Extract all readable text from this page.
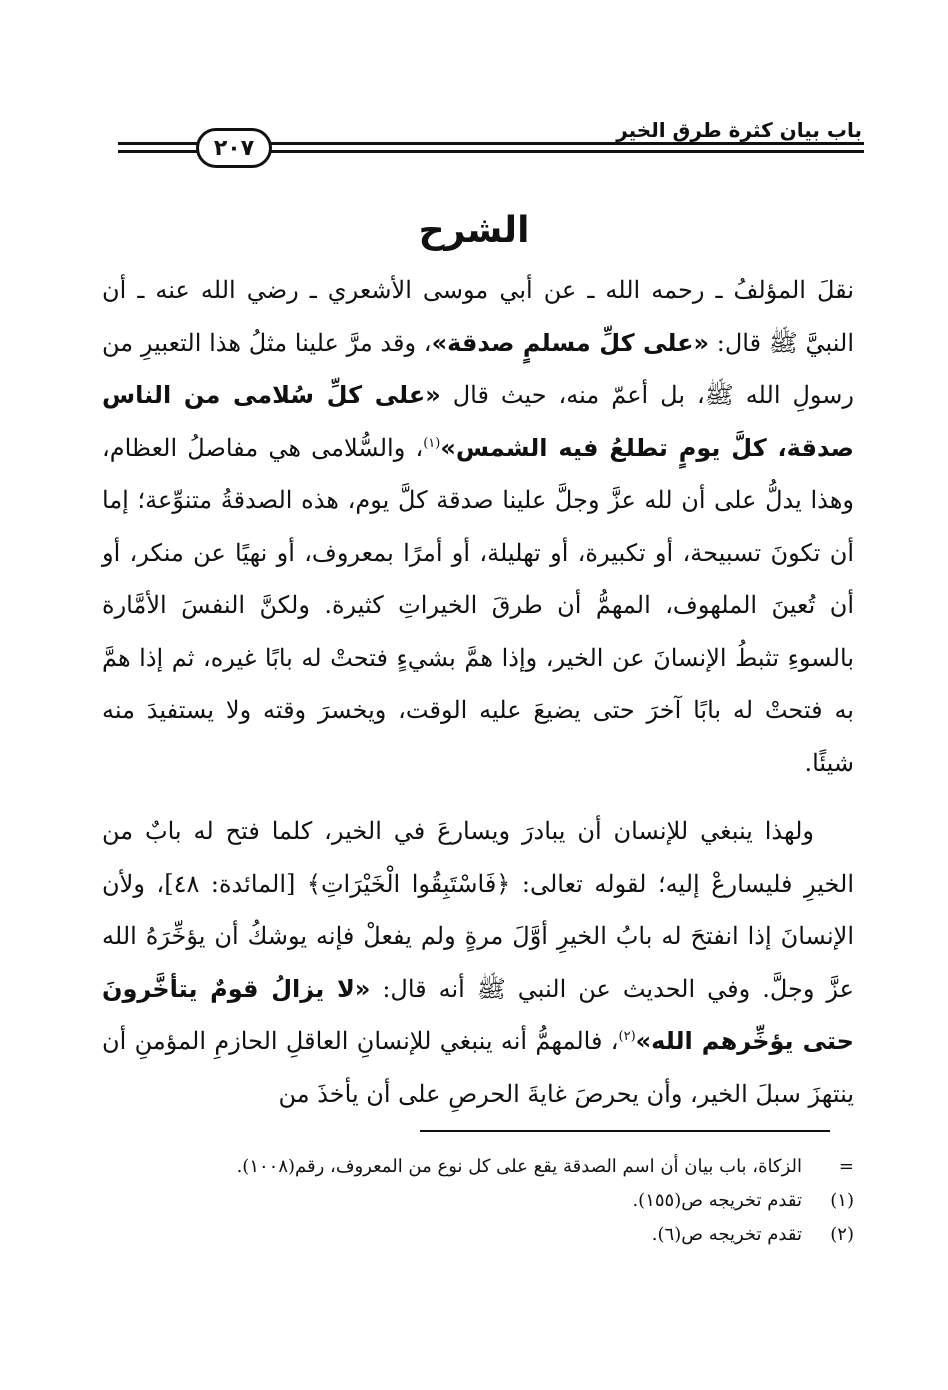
باب بيان كثرة طرق الخير
٢٠٧
الشرح

نقلَ المؤلفُ ـ رحمه الله ـ عن أبي موسى الأشعري ـ رضي الله عنه ـ أن النبيَّ ﷺ قال: «على كلِّ مسلمٍ صدقة»، وقد مرَّ علينا مثلُ هذا التعبيرِ من رسولِ الله ﷺ، بل أعمّ منه، حيث قال «على كلِّ سُلامى من الناس صدقة، كلَّ يومٍ تطلعُ فيه الشمس»$^{(١)}$، والسُّلامى هي مفاصلُ العظام، وهذا يدلُّ على أن لله عزَّ وجلَّ علينا صدقة كلَّ يوم، هذه الصدقةُ متنوِّعة؛ إما أن تكونَ تسبيحة، أو تكبيرة، أو تهليلة، أو أمرًا بمعروف، أو نهيًا عن منكر، أو أن تُعينَ الملهوف، المهمُّ أن طرقَ الخيراتِ كثيرة. ولكنَّ النفسَ الأمَّارة بالسوءِ تثبطُ الإنسانَ عن الخير، وإذا همَّ بشيءٍ فتحتْ له بابًا غيره، ثم إذا همَّ به فتحتْ له بابًا آخرَ حتى يضيعَ عليه الوقت، ويخسرَ وقته ولا يستفيدَ منه شيئًا.

ولهذا ينبغي للإنسان أن يبادرَ ويسارعَ في الخير، كلما فتح له بابٌ من الخيرِ فليسارعْ إليه؛ لقوله تعالى: ﴿فَاسْتَبِقُوا الْخَيْرَاتِ﴾ [المائدة: ٤٨]، ولأن الإنسانَ إذا انفتحَ له بابُ الخيرِ أوَّلَ مرةٍ ولم يفعلْ فإنه يوشكُ أن يؤخِّرَهُ الله عزَّ وجلَّ. وفي الحديث عن النبي ﷺ أنه قال: «لا يزالُ قومٌ يتأخَّرونَ حتى يؤخِّرهم الله»$^{(٢)}$، فالمهمُّ أنه ينبغي للإنسانِ العاقلِ الحازمِ المؤمنِ أن ينتهزَ سبلَ الخير، وأن يحرصَ غايةَ الحرصِ على أن يأخذَ من

=
الزكاة، باب بيان أن اسم الصدقة يقع على كل نوع من المعروف، رقم(١٠٠٨).
(١)
تقدم تخريجه ص(١٥٥).
(٢)
تقدم تخريجه ص(٦).
